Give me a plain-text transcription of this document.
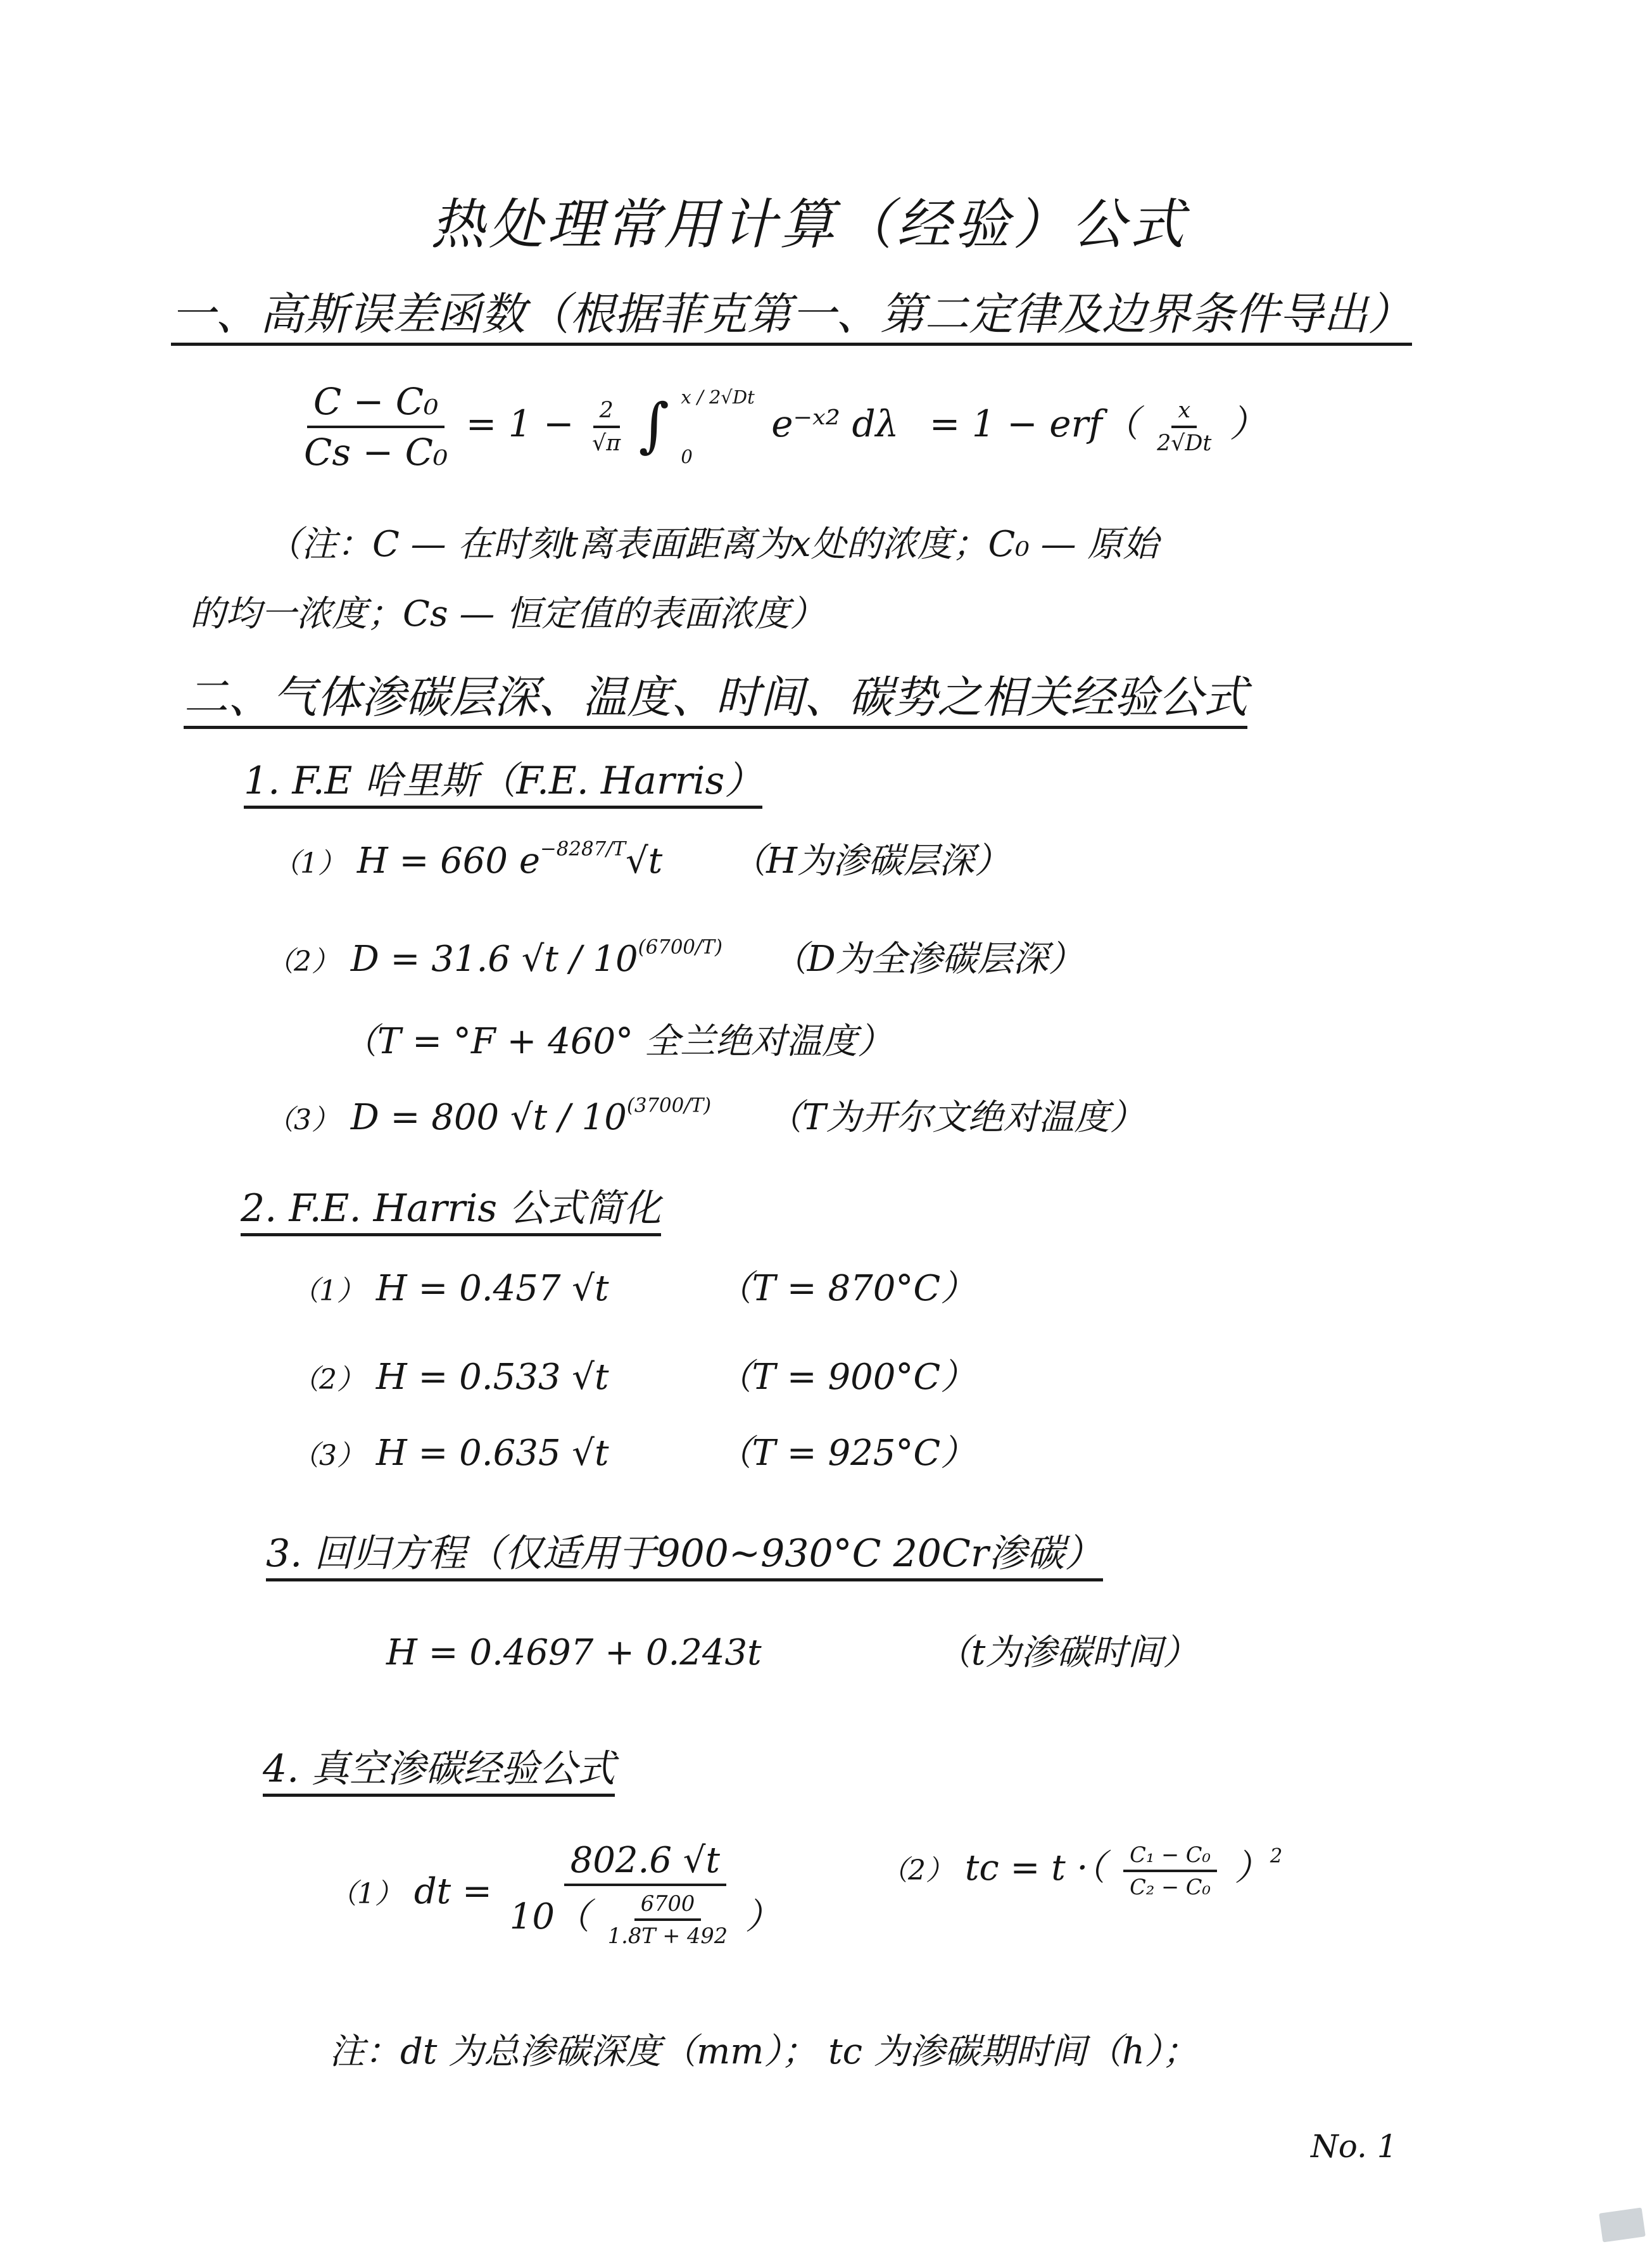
热处理常用计算（经验）公式
一、高斯误差函数（根据菲克第一、第二定律及边界条件导出）
$\frac{\text{C − C₀}}{\text{Cs − C₀}} = 1 - \frac{2}{√\pi}$ ∫ x / 2√Dt
0
e⁻ˣ² $d\lambda = 1 - erf( \frac{x}{2√Dt}$ ）
（注：C — 在时刻t离表面距离为x处的浓度；C₀ — 原始
的均一浓度；Cs — 恒定值的表面浓度）
二、气体渗碳层深、温度、时间、碳势之相关经验公式
1. F.E 哈里斯（F.E. Harris）
（1） H = 660 $e^{-8287/T}√t$ （H为渗碳层深）
（2） D = 31.6 $√t / 10^{(6700/T)}$ （D为全渗碳层深）
（T = °F + 460° 全兰绝对温度）
（3） D = 800 $√t / 10^{(3700/T)}$ （T为开尔文绝对温度）
2. F.E. Harris 公式简化
（1） H = 0.457 √t	（T = 870°C）
（2） H = 0.533 √t	（T = 900°C）
（3） H = 0.635 √t	（T = 925°C）
3. 回归方程（仅适用于900~930°C 20Cr渗碳）
H = 0.4697 + 0.243t	（t为渗碳时间）
4. 真空渗碳经验公式
（1） dt = $\frac{802.6 √t}{10( \frac{6700}{1.8T + 492} )}$	（2） tc = t ·（ $\frac{\text{C₁ − C₀}}{\text{C₂ − C₀}} )^2$
注：dt 为总渗碳深度（mm）； tc 为渗碳期时间（h）；
No. 1
